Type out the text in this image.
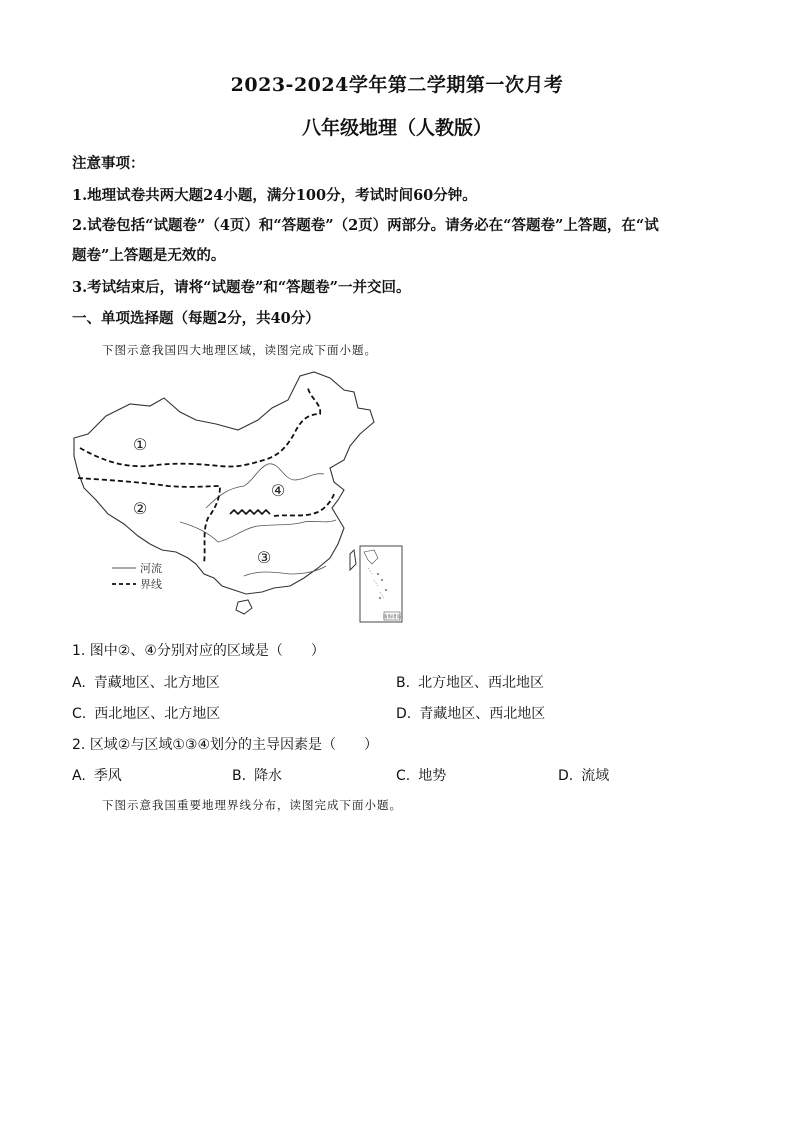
2023-2024学年第二学期第一次月考
八年级地理（人教版）
注意事项：
1.地理试卷共两大题24小题，满分100分，考试时间60分钟。
2.试卷包括“试题卷”（4页）和“答题卷”（2页）两部分。请务必在“答题卷”上答题，在“试
题卷”上答题是无效的。
3.考试结束后，请将“试题卷”和“答题卷”一并交回。
一、单项选择题（每题2分，共40分）
下图示意我国四大地理区域，读图完成下面小题。
①
②
③
④
河流
界线
南海诸岛
1. 图中②、④分别对应的区域是（　　）
A. 青藏地区、北方地区	B. 北方地区、西北地区
C. 西北地区、北方地区	D. 青藏地区、西北地区
2. 区域②与区域①③④划分的主导因素是（　　）
A. 季风	B. 降水	C. 地势	D. 流域
下图示意我国重要地理界线分布，读图完成下面小题。
